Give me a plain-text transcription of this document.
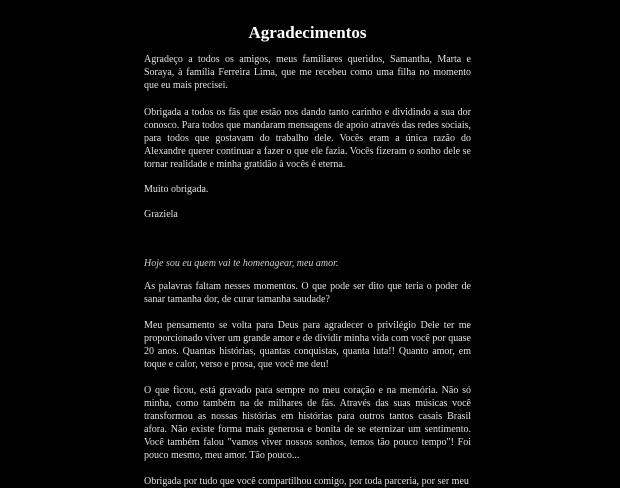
Agradecimentos

Agradeço a todos os amigos, meus familiares queridos, Samantha, Marta e Soraya, à família Ferreira Lima, que me recebeu como uma filha no momento que eu mais precisei.

Obrigada a todos os fãs que estão nos dando tanto carinho e dividindo a sua dor conosco. Para todos que mandaram mensagens de apoio através das redes sociais, para todos que gostavam do trabalho dele. Vocês eram a única razão do Alexandre querer continuar a fazer o que ele fazia. Vocês fizeram o sonho dele se tornar realidade e minha gratidão à vocês é eterna.

Muito obrigada.

Graziela

Hoje sou eu quem vai te homenagear, meu amor.

As palavras faltam nesses momentos. O que pode ser dito que teria o poder de sanar tamanha dor, de curar tamanha saudade?

Meu pensamento se volta para Deus para agradecer o privilégio Dele ter me proporcionado viver um grande amor e de dividir minha vida com você por quase 20 anos. Quantas histórias, quantas conquistas, quanta luta!! Quanto amor, em toque e calor, verso e prosa, que você me deu!

O que ficou, está gravado para sempre no meu coração e na memória. Não só minha, como também na de milhares de fãs. Através das suas músicas você transformou as nossas histórias em histórias para outros tantos casais Brasil afora. Não existe forma mais generosa e bonita de se eternizar um sentimento. Você também falou "vamos viver nossos sonhos, temos tão pouco tempo"! Foi pouco mesmo, meu amor. Tão pouco...

Obrigada por tudo que você compartilhou comigo, por toda parceria, por ser meu
